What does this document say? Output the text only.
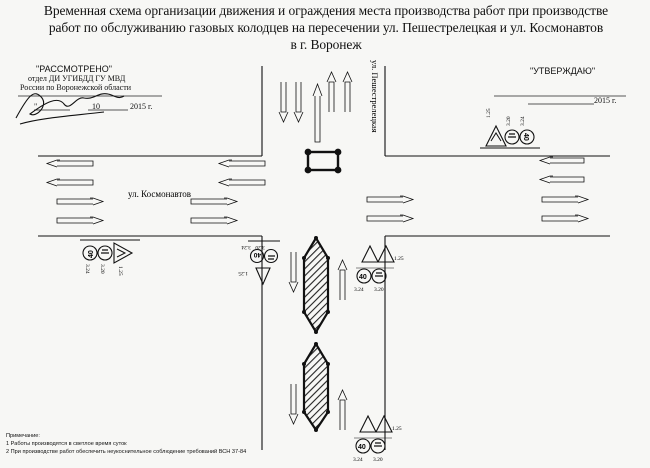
Временная схема организации движения и ограждения места производства работ при производстве
работ по обслуживанию газовых колодцев на пересечении ул. Пешестрелецкая и ул. Космонавтов
в г. Воронеж
"РАССМОТРЕНО"
отдел ДИ УГИБДД ГУ МВД
России по Воронежской области
"	10	2015 г.
"УТВЕРЖДАЮ"
2015 г.
ул. Пешестрелецкая
ул. Космонавтов
40
1.25
3.20 3.24
40
3.24 3.20 1.25
40
3.24 3.20
1.25
40
1.25
3.24 3.20
40
1.25
3.24 3.20
Примечание:
1 Работы производятся в светлое время суток
2 При производстве работ обеспечить неукоснительное соблюдение требований ВСН 37-84
